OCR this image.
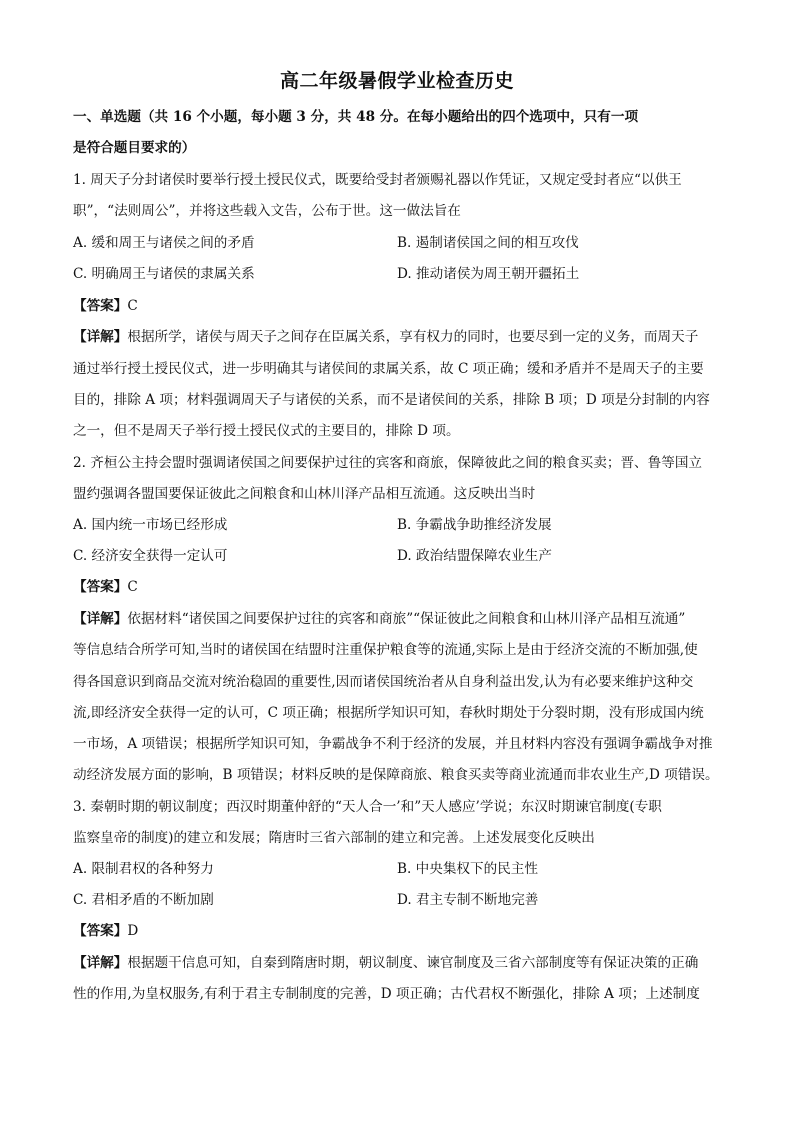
高二年级暑假学业检查历史
一、单选题（共 16 个小题，每小题 3 分，共 48 分。在每小题给出的四个选项中，只有一项
是符合题目要求的）
1. 周天子分封诸侯时要举行授土授民仪式，既要给受封者颁赐礼器以作凭证，又规定受封者应“以供王
职”，“法则周公”，并将这些载入文告，公布于世。这一做法旨在
A. 缓和周王与诸侯之间的矛盾	B. 遏制诸侯国之间的相互攻伐
C. 明确周王与诸侯的隶属关系	D. 推动诸侯为周王朝开疆拓土
【答案】C
【详解】根据所学，诸侯与周天子之间存在臣属关系，享有权力的同时，也要尽到一定的义务，而周天子
通过举行授土授民仪式，进一步明确其与诸侯间的隶属关系，故 C 项正确；缓和矛盾并不是周天子的主要
目的，排除 A 项；材料强调周天子与诸侯的关系，而不是诸侯间的关系，排除 B 项；D 项是分封制的内容
之一，但不是周天子举行授土授民仪式的主要目的，排除 D 项。
2. 齐桓公主持会盟时强调诸侯国之间要保护过往的宾客和商旅，保障彼此之间的粮食买卖；晋、鲁等国立
盟约强调各盟国要保证彼此之间粮食和山林川泽产品相互流通。这反映出当时
A. 国内统一市场已经形成	B. 争霸战争助推经济发展
C. 经济安全获得一定认可	D. 政治结盟保障农业生产
【答案】C
【详解】依据材料“诸侯国之间要保护过往的宾客和商旅”“保证彼此之间粮食和山林川泽产品相互流通”
等信息结合所学可知,当时的诸侯国在结盟时注重保护粮食等的流通,实际上是由于经济交流的不断加强,使
得各国意识到商品交流对统治稳固的重要性,因而诸侯国统治者从自身利益出发,认为有必要来维护这种交
流,即经济安全获得一定的认可，C 项正确；根据所学知识可知，春秋时期处于分裂时期，没有形成国内统
一市场，A 项错误；根据所学知识可知，争霸战争不利于经济的发展，并且材料内容没有强调争霸战争对推
动经济发展方面的影响，B 项错误；材料反映的是保障商旅、粮食买卖等商业流通而非农业生产,D 项错误。
3. 秦朝时期的朝议制度；西汉时期董仲舒的“天人合一’和”天人感应’学说；东汉时期谏官制度(专职
监察皇帝的制度)的建立和发展；隋唐时三省六部制的建立和完善。上述发展变化反映出
A. 限制君权的各种努力	B. 中央集权下的民主性
C. 君相矛盾的不断加剧	D. 君主专制不断地完善
【答案】D
【详解】根据题干信息可知，自秦到隋唐时期，朝议制度、谏官制度及三省六部制度等有保证决策的正确
性的作用,为皇权服务,有利于君主专制制度的完善，D 项正确；古代君权不断强化，排除 A 项；上述制度
